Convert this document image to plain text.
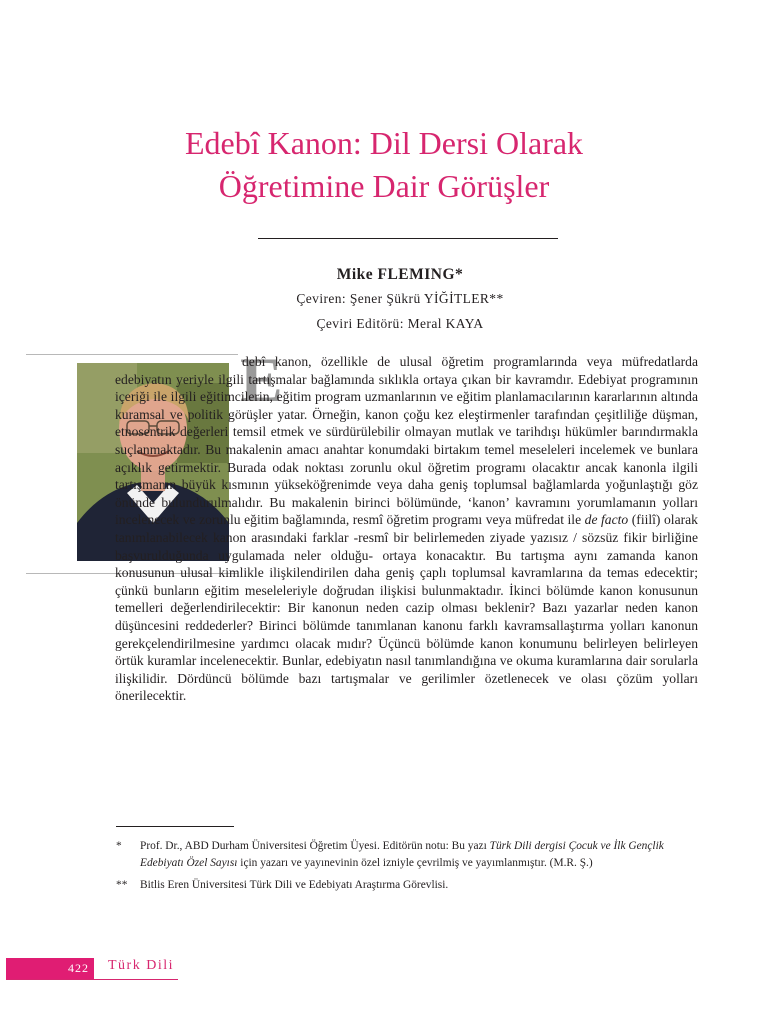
Edebî Kanon: Dil Dersi Olarak
Öğretimine Dair Görüşler
Mike FLEMING*
Çeviren: Şener Şükrü YİĞİTLER**
Çeviri Editörü: Meral KAYA
E

debî kanon, özellikle de ulusal öğretim programlarında veya müfredatlarda edebiyatın yeriyle ilgili tartışmalar bağlamında sıklıkla ortaya çıkan bir kavramdır. Edebiyat programının içeriği ile ilgili eğitimcilerin, eğitim program uzmanlarının ve eğitim planlamacılarının kararlarının altında kuramsal ve politik görüşler yatar. Örneğin, kanon çoğu kez eleştirmenler tarafından çeşitliliğe düşman, etnosentrik değerleri temsil etmek ve sürdürülebilir olmayan mutlak ve tarihdışı hükümler barındırmakla suçlanmaktadır. Bu makalenin amacı anahtar konumdaki birtakım temel meseleleri incelemek ve bunlara açıklık getirmektir. Burada odak noktası zorunlu okul öğretim programı olacaktır ancak kanonla ilgili tartışmanın büyük kısmının yükseköğrenimde veya daha geniş toplumsal bağlamlarda yoğunlaştığı göz önünde bulundurulmalıdır. Bu makalenin birinci bölümünde, ‘kanon’ kavramını yorumlamanın yolları incelenecek ve zorunlu eğitim bağlamında, resmî öğretim programı veya müfredat ile de facto (fiilî) olarak tanımlanabilecek kanon arasındaki farklar -resmî bir belirlemeden ziyade yazısız / sözsüz fikir birliğine başvurulduğunda uygulamada neler olduğu- ortaya konacaktır. Bu tartışma aynı zamanda kanon konusunun ulusal kimlikle ilişkilendirilen daha geniş çaplı toplumsal kavramlarına da temas edecektir; çünkü bunların eğitim meseleleriyle doğrudan ilişkisi bulunmaktadır. İkinci bölümde kanon konusunun temelleri değerlendirilecektir: Bir kanonun neden cazip olması beklenir? Bazı yazarlar neden kanon düşüncesini reddederler? Birinci bölümde tanımlanan kanonu farklı kavramsallaştırma yolları kanonun gerekçelendirilmesine yardımcı olacak mıdır? Üçüncü bölümde kanon konumunu belirleyen belirleyen örtük kuramlar incelenecektir. Bunlar, edebiyatın nasıl tanımlandığına ve okuma kuramlarına dair sorularla ilişkilidir. Dördüncü bölümde bazı tartışmalar ve gerilimler özetlenecek ve olası çözüm yolları önerilecektir.

* Prof. Dr., ABD Durham Üniversitesi Öğretim Üyesi. Editörün notu: Bu yazı Türk Dili dergisi Çocuk ve İlk Gençlik Edebiyatı Özel Sayısı için yazarı ve yayınevinin özel izniyle çevrilmiş ve yayımlanmıştır. (M.R. Ş.)
** Bitlis Eren Üniversitesi Türk Dili ve Edebiyatı Araştırma Görevlisi.
422 Türk Dili
